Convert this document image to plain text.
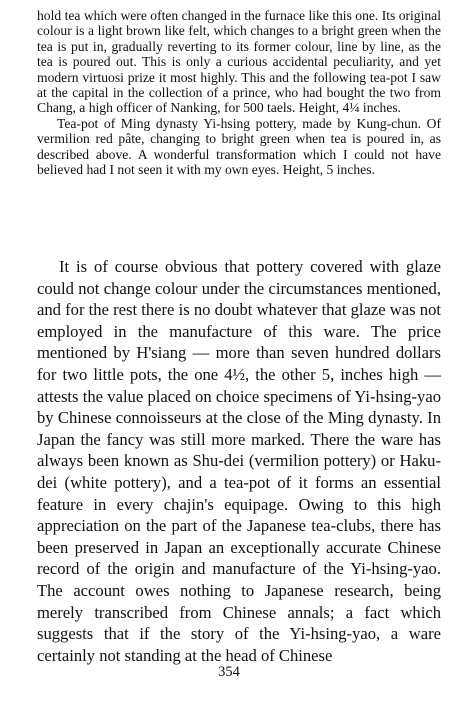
hold tea which were often changed in the furnace like this one. Its original colour is a light brown like felt, which changes to a bright green when the tea is put in, gradually reverting to its former colour, line by line, as the tea is poured out. This is only a curious accidental peculiarity, and yet modern virtuosi prize it most highly. This and the following tea-pot I saw at the capital in the collection of a prince, who had bought the two from Chang, a high officer of Nanking, for 500 taels. Height, 4¼ inches.

Tea-pot of Ming dynasty Yi-hsing pottery, made by Kung-chun. Of vermilion red pâte, changing to bright green when tea is poured in, as described above. A wonderful transformation which I could not have believed had I not seen it with my own eyes. Height, 5 inches.

It is of course obvious that pottery covered with glaze could not change colour under the circumstances mentioned, and for the rest there is no doubt whatever that glaze was not employed in the manufacture of this ware. The price mentioned by H'siang — more than seven hundred dollars for two little pots, the one 4½, the other 5, inches high — attests the value placed on choice specimens of Yi-hsing-yao by Chinese connoisseurs at the close of the Ming dynasty. In Japan the fancy was still more marked. There the ware has always been known as Shu-dei (vermilion pottery) or Haku-dei (white pottery), and a tea-pot of it forms an essential feature in every chajin's equipage. Owing to this high appreciation on the part of the Japanese tea-clubs, there has been preserved in Japan an exceptionally accurate Chinese record of the origin and manufacture of the Yi-hsing-yao. The account owes nothing to Japanese research, being merely transcribed from Chinese annals; a fact which suggests that if the story of the Yi-hsing-yao, a ware certainly not standing at the head of Chinese

354
